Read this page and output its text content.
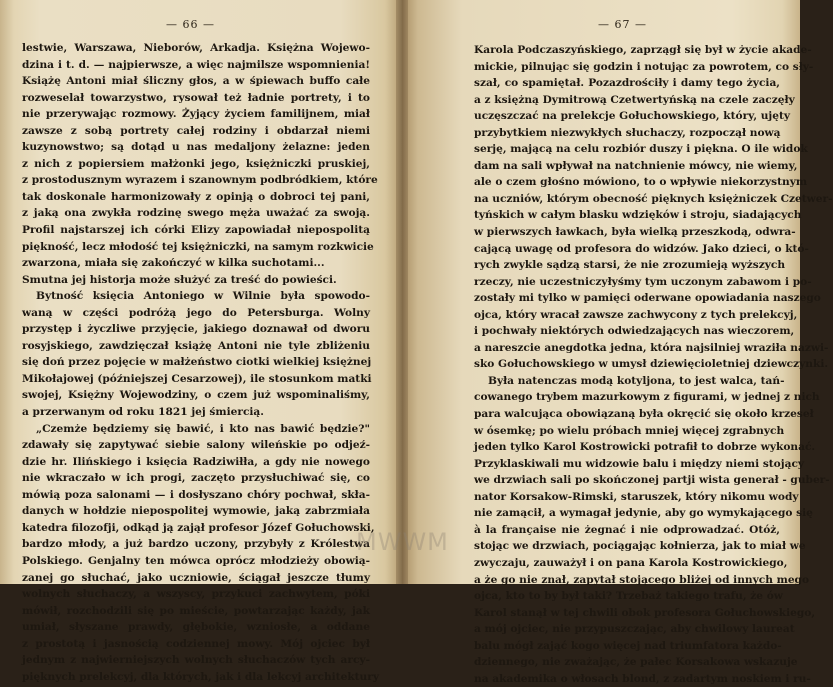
— 66 —
lestwie, Warszawa, Nieborów, Arkadja. Księżna Wojewo-
dzina i t. d. — najpierwsze, a więc najmilsze wspomnienia!
Książę Antoni miał śliczny głos, a w śpiewach buffo całe
rozweselał towarzystwo, rysował też ładnie portrety, i to
nie przerywając rozmowy. Żyjący życiem familijnem, miał
zawsze z sobą portrety całej rodziny i obdarzał niemi
kuzynowstwo; są dotąd u nas medaljony żelazne: jeden
z nich z popiersiem małżonki jego, księżniczki pruskiej,
z prostodusznym wyrazem i szanownym podbródkiem, które
tak doskonale harmonizowały z opinją o dobroci tej pani,
z jaką ona zwykła rodzinę swego męża uważać za swoją.
Profil najstarszej ich córki Elizy zapowiadał niepospolitą
piękność, lecz młodość tej księżniczki, na samym rozkwicie
zwarzona, miała się zakończyć w kilka suchotami...
Smutna jej historja może służyć za treść do powieści.
Bytność księcia Antoniego w Wilnie była spowodo-
waną w części podróżą jego do Petersburga. Wolny
przystęp i życzliwe przyjęcie, jakiego doznawał od dworu
rosyjskiego, zawdzięczał książę Antoni nie tyle zbliżeniu
się doń przez pojęcie w małżeństwo ciotki wielkiej księżnej
Mikołajowej (późniejszej Cesarzowej), ile stosunkom matki
swojej, Księżny Wojewodziny, o czem już wspominaliśmy,
a przerwanym od roku 1821 jej śmiercią.
„Czemże będziemy się bawić, i kto nas bawić będzie?"
zdawały się zapytywać siebie salony wileńskie po odjeź-
dzie hr. Ilińskiego i księcia Radziwiłła, a gdy nie nowego
nie wkraczało w ich progi, zaczęto przysłuchiwać się, co
mówią poza salonami — i dosłyszano chóry pochwał, skła-
danych w hołdzie niepospolitej wymowie, jaką zabrzmiała
katedra filozofji, odkąd ją zajął profesor Józef Gołuchowski,
bardzo młody, a już bardzo uczony, przybyły z Królestwa
Polskiego. Genjalny ten mówca oprócz młodzieży obowią-
zanej go słuchać, jako uczniowie, ściągał jeszcze tłumy
wolnych słuchaczy, a wszyscy, przykuci zachwytem, póki
mówił, rozchodzili się po mieście, powtarzając każdy, jak
umiał, słyszane prawdy, głębokie, wzniosłe, a oddane
z prostotą i jasnością codziennej mowy. Mój ojciec był
jednym z najwierniejszych wolnych słuchaczów tych arcy-
pięknych prelekcyj, dla których, jak i dla lekcyj architektury
— 67 —
Karola Podczaszyńskiego, zaprzągł się był w życie akade-
mickie, pilnując się godzin i notując za powrotem, co sły-
szał, co spamiętał. Pozazdrościły i damy tego życia,
a z księżną Dymitrową Czetwertyńską na czele zaczęły
uczęszczać na prelekcje Gołuchowskiego, który, ujęty
przybytkiem niezwykłych słuchaczy, rozpoczął nową
serję, mającą na celu rozbiór duszy i piękna. O ile widok
dam na sali wpływał na natchnienie mówcy, nie wiemy,
ale o czem głośno mówiono, to o wpływie niekorzystnym
na uczniów, którym obecność pięknych księżniczek Czetwer-
tyńskich w całym blasku wdzięków i stroju, siadających
w pierwszych ławkach, była wielką przeszkodą, odwra-
cającą uwagę od profesora do widzów. Jako dzieci, o któ-
rych zwykle sądzą starsi, że nie zrozumieją wyższych
rzeczy, nie uczestniczyłyśmy tym uczonym zabawom i po-
zostały mi tylko w pamięci oderwane opowiadania naszego
ojca, który wracał zawsze zachwycony z tych prelekcyj,
i pochwały niektórych odwiedzających nas wieczorem,
a nareszcie anegdotka jedna, która najsilniej wraziła nazwi-
sko Gołuchowskiego w umysł dziewięcioletniej dziewczynki.
Była natenczas modą kotyljona, to jest walca, tań-
cowanego trybem mazurkowym z figurami, w jednej z nich
para walcująca obowiązaną była okręcić się około krzeseł
w ósemkę; po wielu próbach mniej więcej zgrabnych
jeden tylko Karol Kostrowicki potrafił to dobrze wykonać.
Przyklaskiwali mu widzowie balu i między niemi stojący
we drzwiach sali po skończonej partji wista generał - guber-
nator Korsakow-Rimski, staruszek, który nikomu wody
nie zamącił, a wymagał jedynie, aby go wymykającego się
à la française nie żegnać i nie odprowadzać. Otóż,
stojąc we drzwiach, pociągając kołnierza, jak to miał we
zwyczaju, zauważył i on pana Karola Kostrowickiego,
a że go nie znał, zapytał stojącego bliżej od innych mego
ojca, kto to by był taki? Trzebaż takiego trafu, że ów
Karol stanął w tej chwili obok profesora Gołuchowskiego,
a mój ojciec, nie przypuszczając, aby chwilowy laureat
balu mógł zająć kogo więcej nad triumfatora każdo-
dziennego, nie zważając, że pałec Korsakowa wskazuje
na akademika o włosach blond, z zadartym noskiem i ru-
MWWM
